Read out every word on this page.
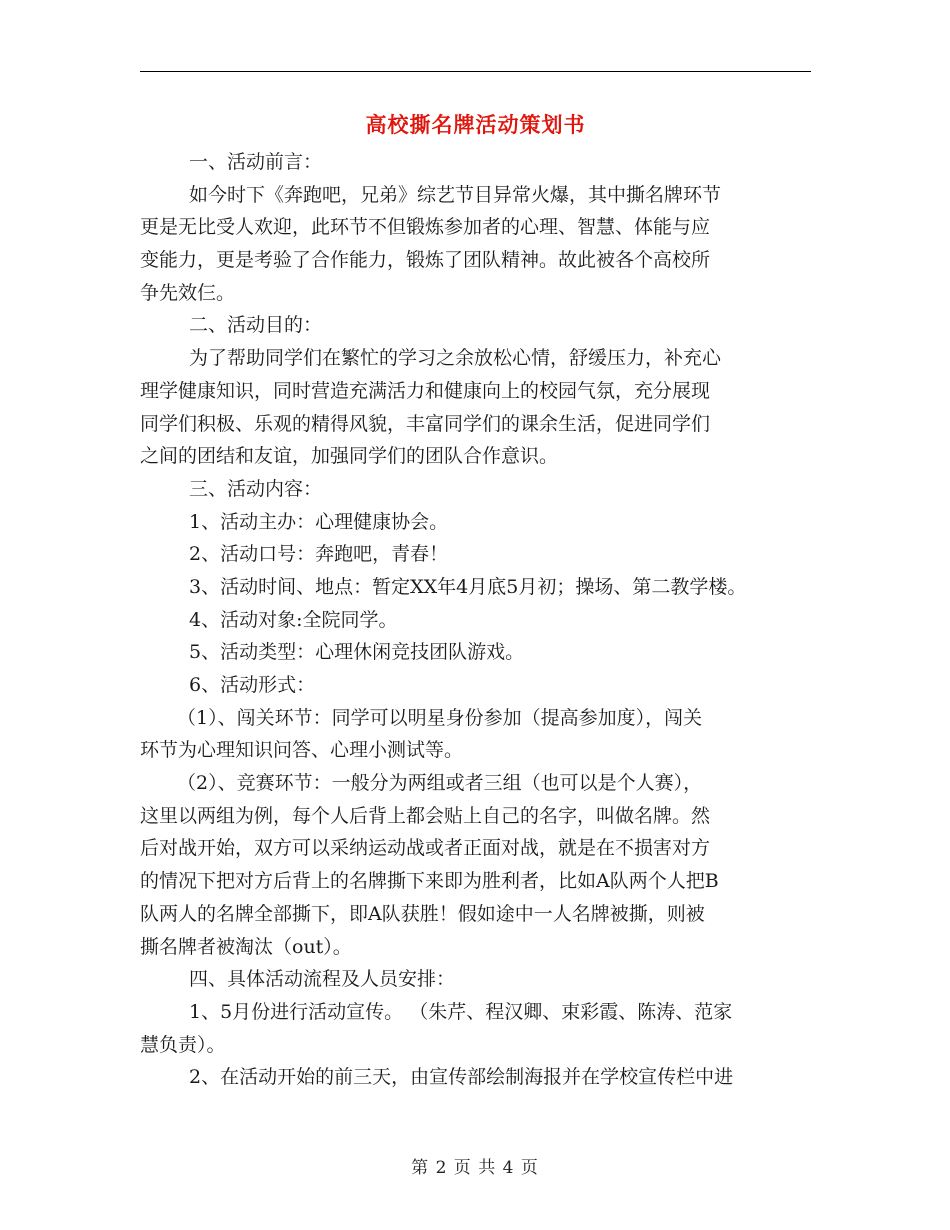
高校撕名牌活动策划书
一、活动前言：
如今时下《奔跑吧，兄弟》综艺节目异常火爆，其中撕名牌环节
更是无比受人欢迎，此环节不但锻炼参加者的心理、智慧、体能与应
变能力，更是考验了合作能力，锻炼了团队精神。故此被各个高校所
争先效仨。
二、活动目的：
为了帮助同学们在繁忙的学习之余放松心情，舒缓压力，补充心
理学健康知识，同时营造充满活力和健康向上的校园气氛，充分展现
同学们积极、乐观的精得风貌，丰富同学们的课余生活，促进同学们
之间的团结和友谊，加强同学们的团队合作意识。
三、活动内容：
1、活动主办：心理健康协会。
2、活动口号：奔跑吧，青春！
3、活动时间、地点：暂定XX年4月底5月初；操场、第二教学楼。
4、活动对象:全院同学。
5、活动类型：心理休闲竞技团队游戏。
6、活动形式：
（1）、闯关环节：同学可以明星身份参加（提高参加度），闯关
环节为心理知识问答、心理小测试等。
（2）、竞赛环节：一般分为两组或者三组（也可以是个人赛），
这里以两组为例，每个人后背上都会贴上自己的名字，叫做名牌。然
后对战开始，双方可以采纳运动战或者正面对战，就是在不损害对方
的情况下把对方后背上的名牌撕下来即为胜利者，比如A队两个人把B
队两人的名牌全部撕下，即A队获胜！假如途中一人名牌被撕，则被
撕名牌者被淘汰（out）。
四、具体活动流程及人员安排：
1、5月份进行活动宣传。 （朱芹、程汉卿、束彩霞、陈涛、范家
慧负责）。
2、在活动开始的前三天，由宣传部绘制海报并在学校宣传栏中进
第 2 页 共 4 页
